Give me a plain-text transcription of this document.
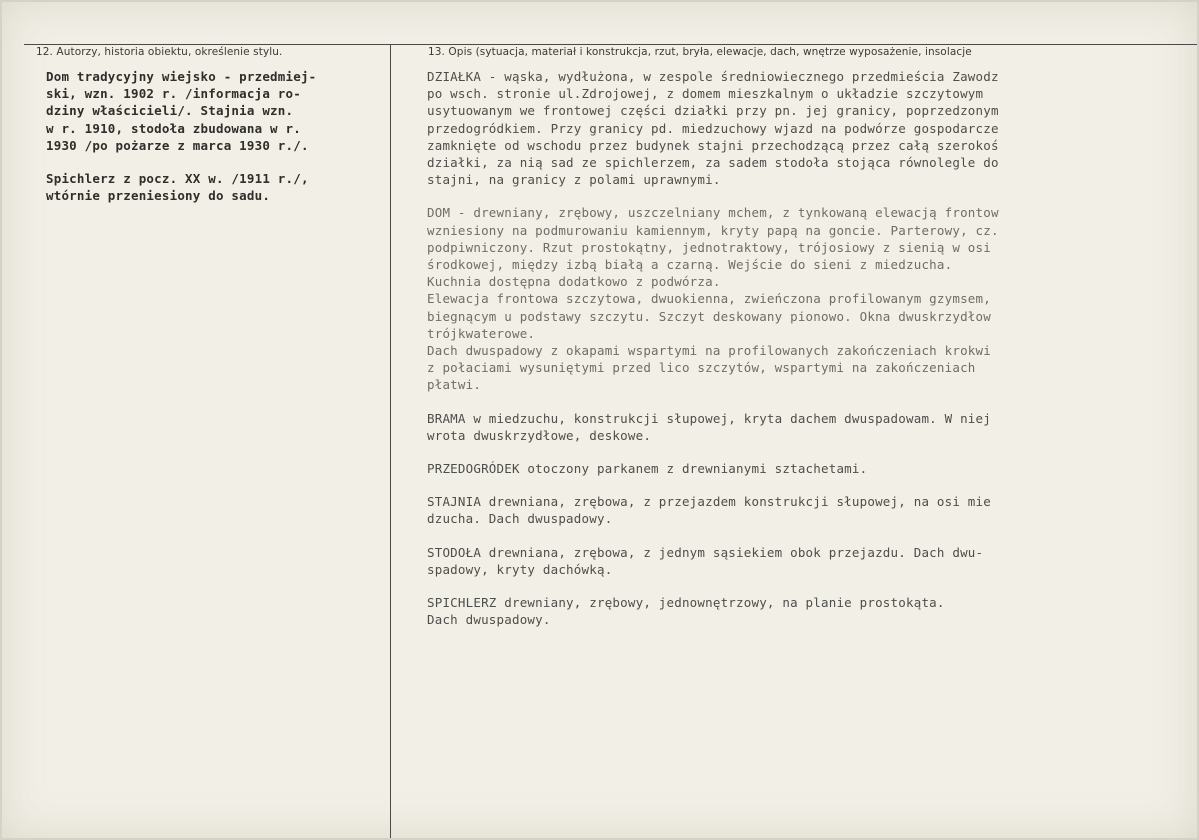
12. Autorzy, historia obiektu, określenie stylu.	13. Opis (sytuacja, materiał i konstrukcja, rzut, bryła, elewacje, dach, wnętrze wyposażenie, insolacje
Dom tradycyjny wiejsko - przedmiej-
ski, wzn. 1902 r. /informacja ro-
dziny właścicieli/. Stajnia wzn.
w r. 1910, stodoła zbudowana w r.
1930 /po pożarze z marca 1930 r./.
Spichlerz z pocz. XX w. /1911 r./,
wtórnie przeniesiony do sadu.
DZIAŁKA - wąska, wydłużona, w zespole średniowiecznego przedmieścia Zawodz
po wsch. stronie ul.Zdrojowej, z domem mieszkalnym o układzie szczytowym
usytuowanym we frontowej części działki przy pn. jej granicy, poprzedzonym
przedogródkiem. Przy granicy pd. miedzuchowy wjazd na podwórze gospodarcze
zamknięte od wschodu przez budynek stajni przechodzącą przez całą szerokoś
działki, za nią sad ze spichlerzem, za sadem stodoła stojąca równolegle do
stajni, na granicy z polami uprawnymi.
DOM - drewniany, zrębowy, uszczelniany mchem, z tynkowaną elewacją frontow
wzniesiony na podmurowaniu kamiennym, kryty papą na goncie. Parterowy, cz.
podpiwniczony. Rzut prostokątny, jednotraktowy, trójosiowy z sienią w osi
środkowej, między izbą białą a czarną. Wejście do sieni z miedzucha.
Kuchnia dostępna dodatkowo z podwórza.
Elewacja frontowa szczytowa, dwuokienna, zwieńczona profilowanym gzymsem,
biegnącym u podstawy szczytu. Szczyt deskowany pionowo. Okna dwuskrzydłow
trójkwaterowe.
Dach dwuspadowy z okapami wspartymi na profilowanych zakończeniach krokwi
z połaciami wysuniętymi przed lico szczytów, wspartymi na zakończeniach
płatwi.
BRAMA w miedzuchu, konstrukcji słupowej, kryta dachem dwuspadowam. W niej
wrota dwuskrzydłowe, deskowe.
PRZEDOGRÓDEK otoczony parkanem z drewnianymi sztachetami.
STAJNIA drewniana, zrębowa, z przejazdem konstrukcji słupowej, na osi mie
dzucha. Dach dwuspadowy.
STODOŁA drewniana, zrębowa, z jednym sąsiekiem obok przejazdu. Dach dwu-
spadowy, kryty dachówką.
SPICHLERZ drewniany, zrębowy, jednownętrzowy, na planie prostokąta.
Dach dwuspadowy.
